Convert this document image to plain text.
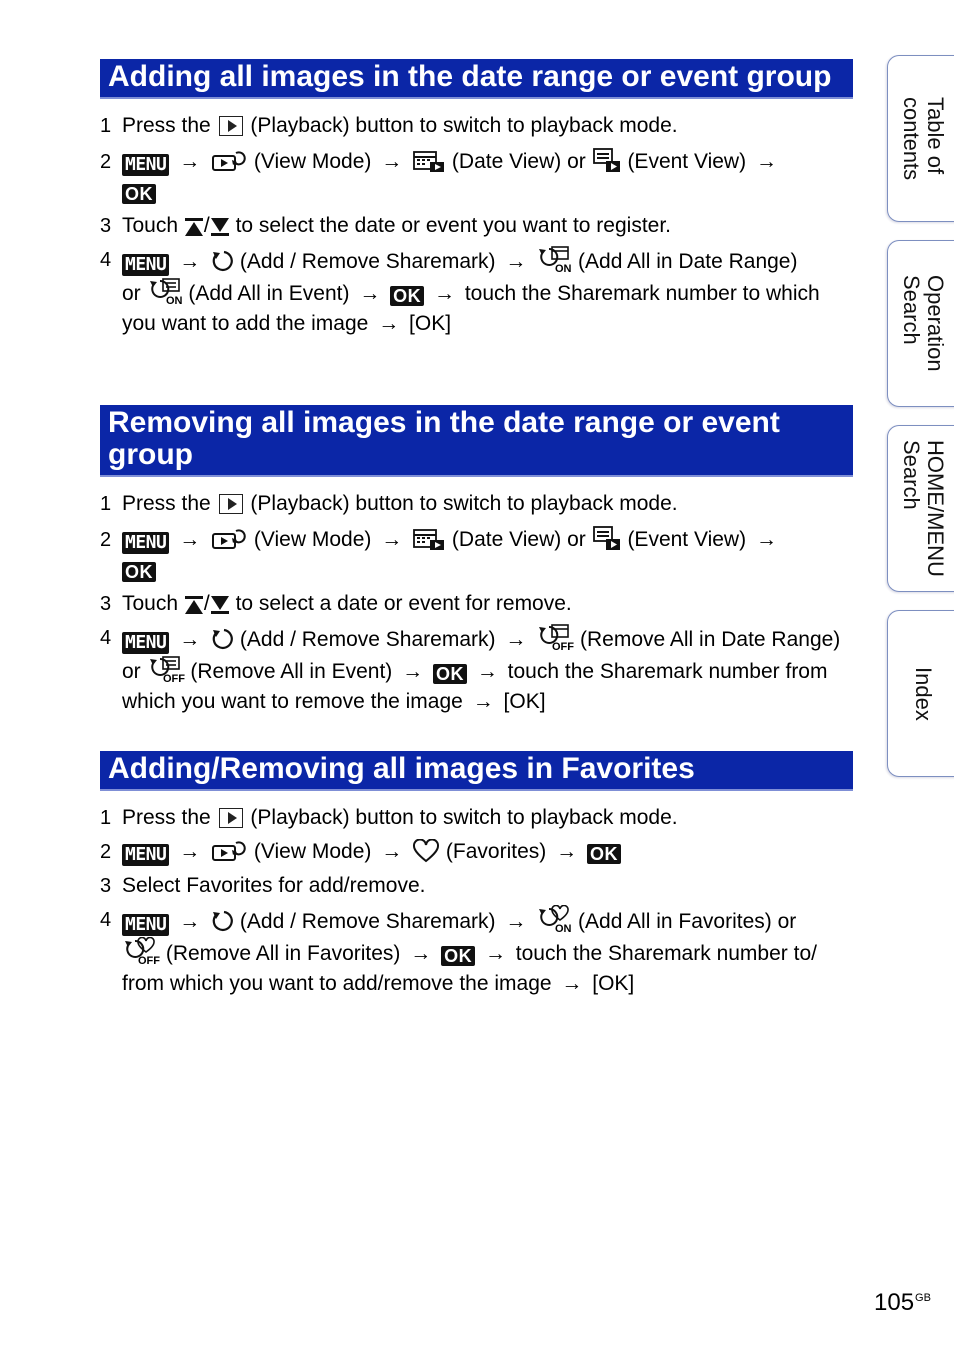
Table of
contents
Operation
Search
HOME/MENU
Search
Index
Adding all images in the date range or event group
1 Press the (Playback) button to switch to playback mode.
2 MENU →	(View Mode) → (Date View) or (Event View) →
OK
3 Touch / to select the date or event you want to register.
4 MENU → (Add / Remove Sharemark) →	ON (Add All in Date Range)
or ON (Add All in Event) → OK → touch the Sharemark number to which you want to add the image → [OK]
Removing all images in the date range or event group
1 Press the (Playback) button to switch to playback mode.
2 MENU →	(View Mode) → (Date View) or (Event View) →
OK
3 Touch / to select a date or event for remove.
4 MENU → (Add / Remove Sharemark) → OFF (Remove All in Date Range) or OFF (Remove All in Event) → OK → touch the Sharemark number from which you want to remove the image → [OK]
Adding/Removing all images in Favorites
1 Press the (Playback) button to switch to playback mode.
2 MENU →	(View Mode) → (Favorites) → OK
3 Select Favorites for add/remove.
4 MENU → (Add / Remove Sharemark) →	ON (Add All in Favorites) or

OFF (Remove All in Favorites) → OK → touch the Sharemark number to/ from which you want to add/remove the image → [OK]
$105^{GB}$
